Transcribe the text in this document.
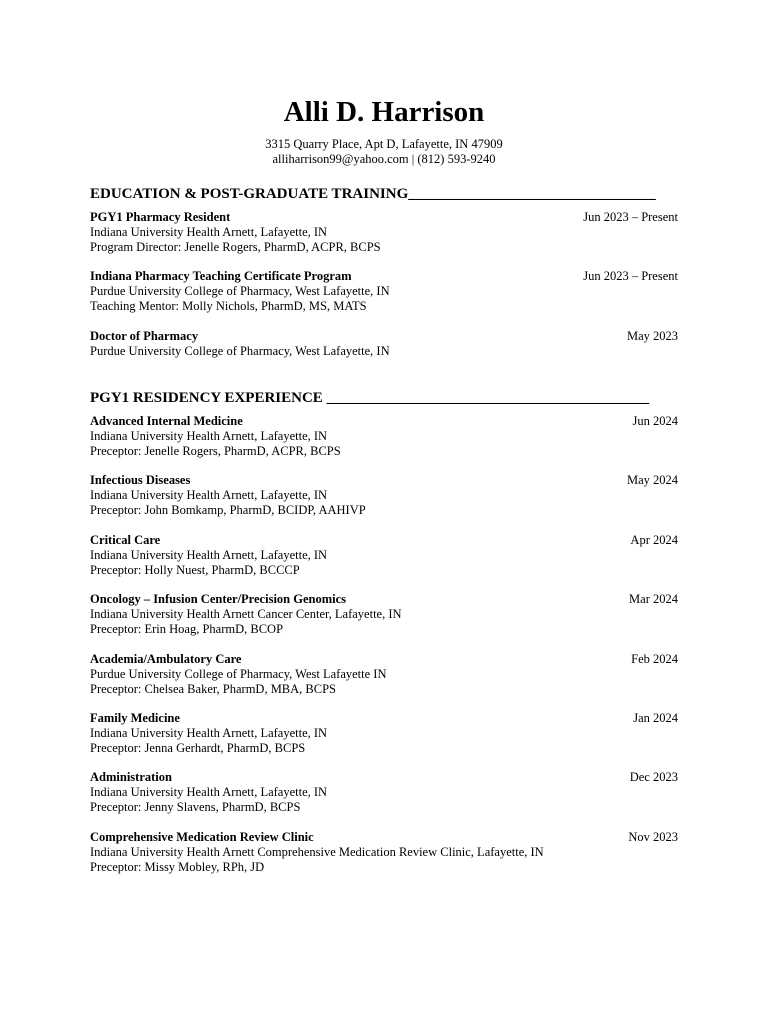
Alli D. Harrison
3315 Quarry Place, Apt D, Lafayette, IN 47909
alliharrison99@yahoo.com | (812) 593-9240
EDUCATION & POST-GRADUATE TRAINING_________________________________
PGY1 Pharmacy Resident	Jun 2023 – Present
Indiana University Health Arnett, Lafayette, IN
Program Director: Jenelle Rogers, PharmD, ACPR, BCPS
Indiana Pharmacy Teaching Certificate Program	Jun 2023 – Present
Purdue University College of Pharmacy, West Lafayette, IN
Teaching Mentor: Molly Nichols, PharmD, MS, MATS
Doctor of Pharmacy	May 2023
Purdue University College of Pharmacy, West Lafayette, IN
PGY1 RESIDENCY EXPERIENCE ___________________________________________
Advanced Internal Medicine	Jun 2024
Indiana University Health Arnett, Lafayette, IN
Preceptor: Jenelle Rogers, PharmD, ACPR, BCPS
Infectious Diseases	May 2024
Indiana University Health Arnett, Lafayette, IN
Preceptor: John Bomkamp, PharmD, BCIDP, AAHIVP
Critical Care	Apr 2024
Indiana University Health Arnett, Lafayette, IN
Preceptor: Holly Nuest, PharmD, BCCCP
Oncology – Infusion Center/Precision Genomics	Mar 2024
Indiana University Health Arnett Cancer Center, Lafayette, IN
Preceptor: Erin Hoag, PharmD, BCOP
Academia/Ambulatory Care	Feb 2024
Purdue University College of Pharmacy, West Lafayette IN
Preceptor: Chelsea Baker, PharmD, MBA, BCPS
Family Medicine	Jan 2024
Indiana University Health Arnett, Lafayette, IN
Preceptor: Jenna Gerhardt, PharmD, BCPS
Administration	Dec 2023
Indiana University Health Arnett, Lafayette, IN
Preceptor: Jenny Slavens, PharmD, BCPS
Comprehensive Medication Review Clinic	Nov 2023
Indiana University Health Arnett Comprehensive Medication Review Clinic, Lafayette, IN
Preceptor: Missy Mobley, RPh, JD
